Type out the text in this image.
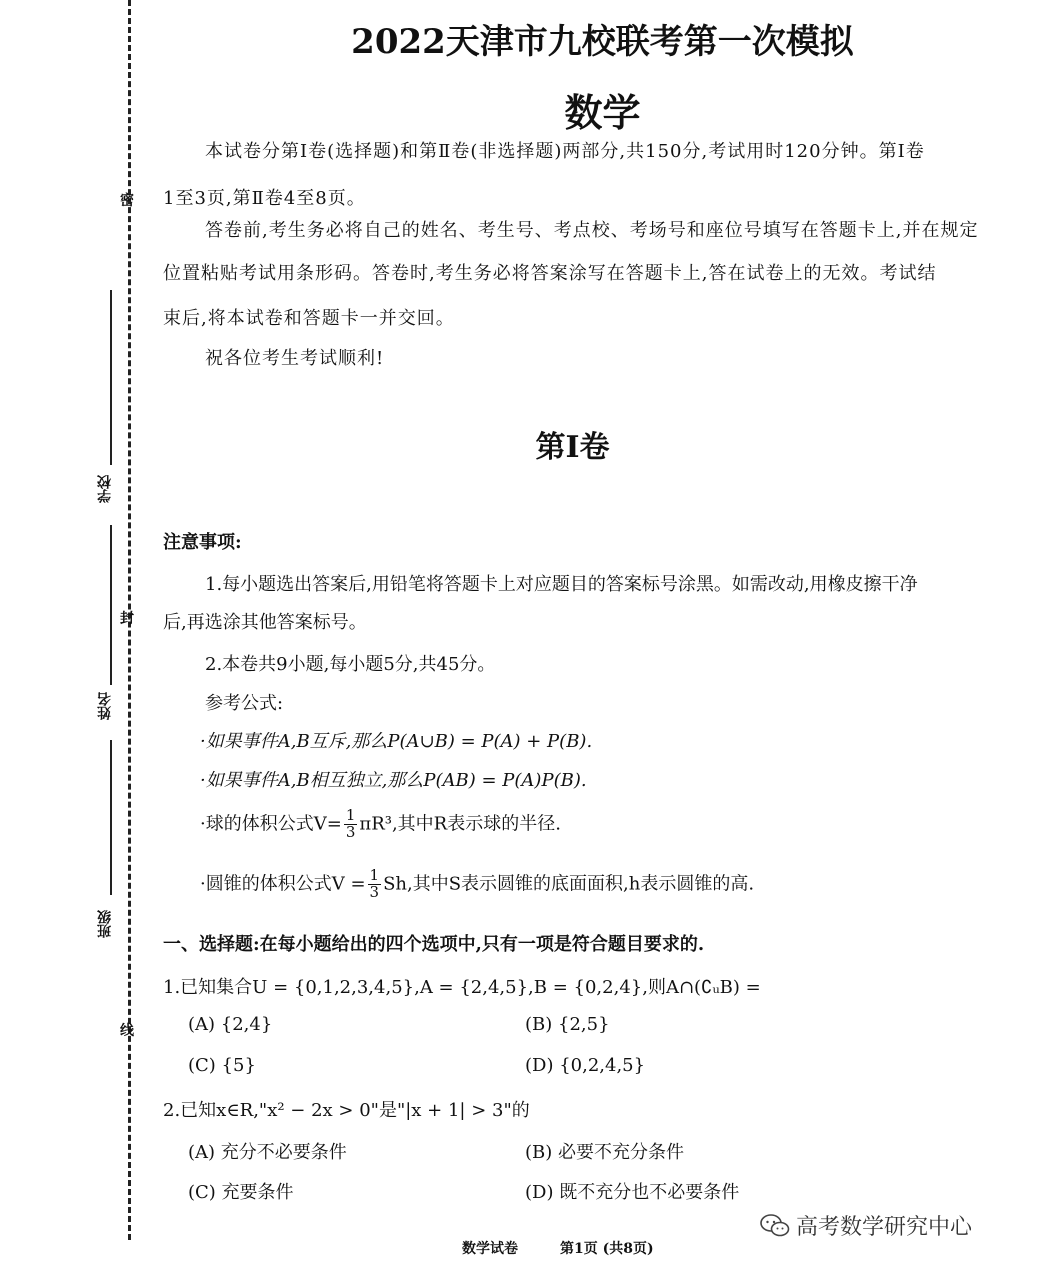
密
封
线
学校
姓名
班级
2022天津市九校联考第一次模拟
数学
本试卷分第Ⅰ卷(选择题)和第Ⅱ卷(非选择题)两部分,共150分,考试用时120分钟。第Ⅰ卷
1至3页,第Ⅱ卷4至8页。
答卷前,考生务必将自己的姓名、考生号、考点校、考场号和座位号填写在答题卡上,并在规定
位置粘贴考试用条形码。答卷时,考生务必将答案涂写在答题卡上,答在试卷上的无效。考试结
束后,将本试卷和答题卡一并交回。
祝各位考生考试顺利!
第Ⅰ卷
注意事项:
1.每小题选出答案后,用铅笔将答题卡上对应题目的答案标号涂黑。如需改动,用橡皮擦干净
后,再选涂其他答案标号。
2.本卷共9小题,每小题5分,共45分。
参考公式:
·如果事件A,B互斥,那么P(A∪B) = P(A) + P(B).
·如果事件A,B相互独立,那么P(AB) = P(A)P(B).
·球的体积公式$V= \frac{1}{3} \pi R^3$,其中R表示球的半径.
·圆锥的体积公式$V = \frac{1}{3} Sh$,其中S表示圆锥的底面面积,h表示圆锥的高.
一、选择题:在每小题给出的四个选项中,只有一项是符合题目要求的.
1.已知集合U = {0,1,2,3,4,5},A = {2,4,5},B = {0,2,4},则A∩(∁ᵤB) =
(A) {2,4}	(B) {2,5}
(C) {5}	(D) {0,2,4,5}
2.已知x∈R,"x² − 2x > 0"是"|x + 1| > 3"的
(A) 充分不必要条件	(B) 必要不充分条件
(C) 充要条件	(D) 既不充分也不必要条件
数学试卷	第1页 (共8页)
高考数学研究中心
